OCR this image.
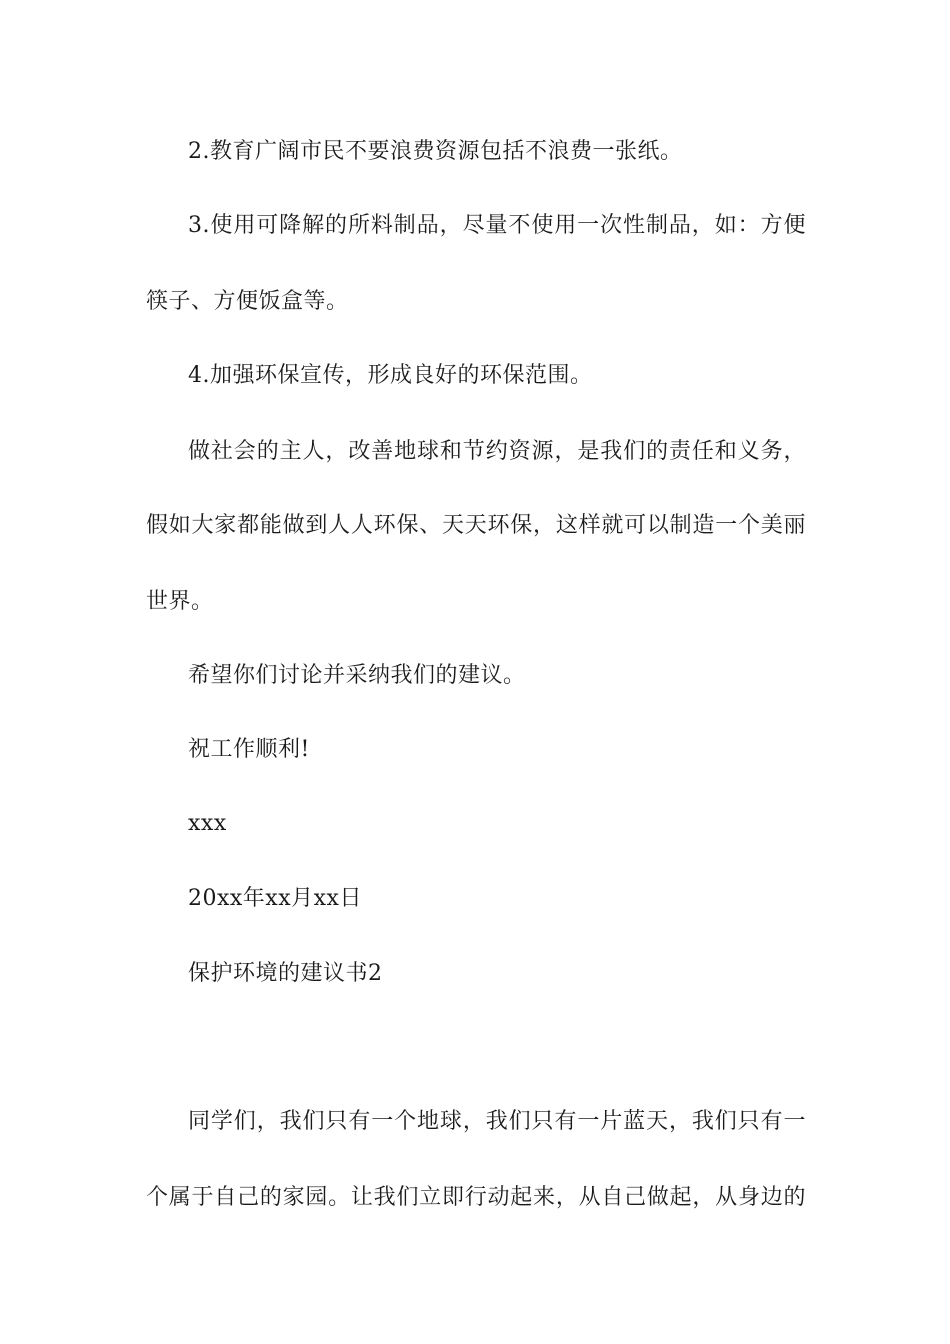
2.教育广阔市民不要浪费资源包括不浪费一张纸。
3.使用可降解的所料制品，尽量不使用一次性制品，如：方便
筷子、方便饭盒等。
4.加强环保宣传，形成良好的环保范围。
做社会的主人，改善地球和节约资源，是我们的责任和义务，
假如大家都能做到人人环保、天天环保，这样就可以制造一个美丽
世界。
希望你们讨论并采纳我们的建议。
祝工作顺利!
xxx
20xx年xx月xx日
保护环境的建议书2
同学们，我们只有一个地球，我们只有一片蓝天，我们只有一
个属于自己的家园。让我们立即行动起来，从自己做起，从身边的
